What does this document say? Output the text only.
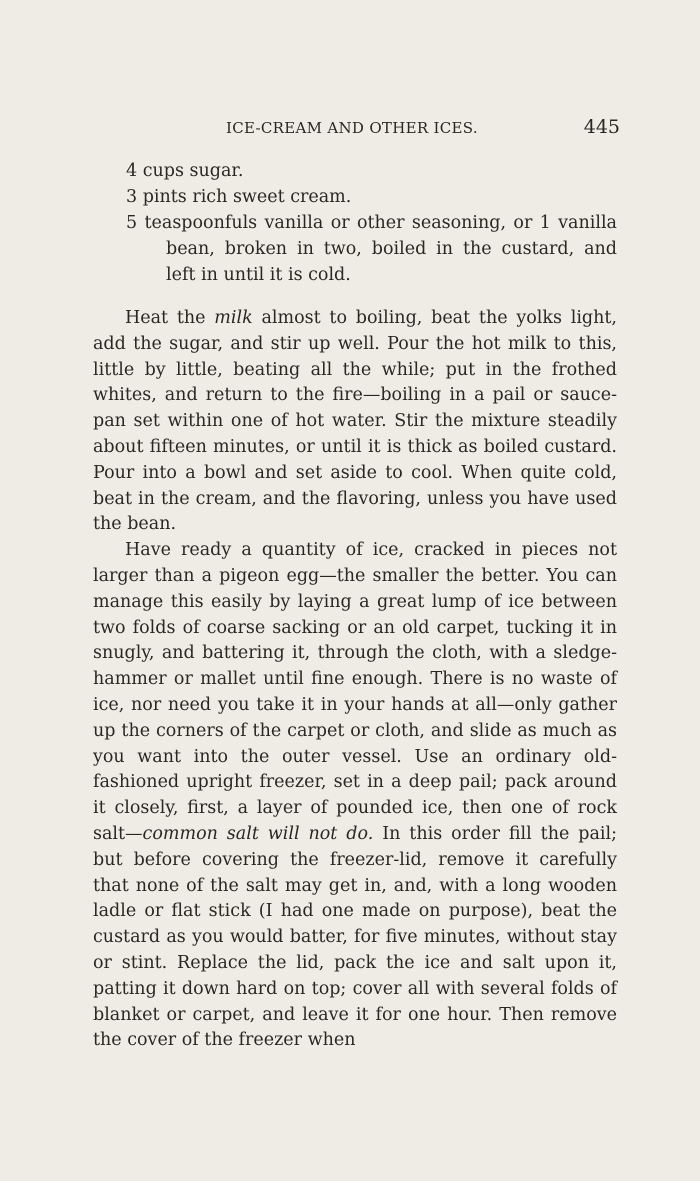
ICE-CREAM AND OTHER ICES.	445
4 cups sugar.
3 pints rich sweet cream.
5 teaspoonfuls vanilla or other seasoning, or 1 vanilla bean, broken in two, boiled in the custard, and left in until it is cold.

Heat the milk almost to boiling, beat the yolks light, add the sugar, and stir up well. Pour the hot milk to this, little by little, beating all the while; put in the frothed whites, and return to the fire—boiling in a pail or sauce-pan set within one of hot water. Stir the mixture steadily about fifteen minutes, or until it is thick as boiled custard. Pour into a bowl and set aside to cool. When quite cold, beat in the cream, and the flavoring, unless you have used the bean.

Have ready a quantity of ice, cracked in pieces not larger than a pigeon egg—the smaller the better. You can manage this easily by laying a great lump of ice between two folds of coarse sacking or an old carpet, tucking it in snugly, and battering it, through the cloth, with a sledge-hammer or mallet until fine enough. There is no waste of ice, nor need you take it in your hands at all—only gather up the corners of the carpet or cloth, and slide as much as you want into the outer vessel. Use an ordinary old-fashioned upright freezer, set in a deep pail; pack around it closely, first, a layer of pounded ice, then one of rock salt—common salt will not do. In this order fill the pail; but before covering the freezer-lid, remove it carefully that none of the salt may get in, and, with a long wooden ladle or flat stick (I had one made on purpose), beat the custard as you would batter, for five minutes, without stay or stint. Replace the lid, pack the ice and salt upon it, patting it down hard on top; cover all with several folds of blanket or carpet, and leave it for one hour. Then remove the cover of the freezer when
